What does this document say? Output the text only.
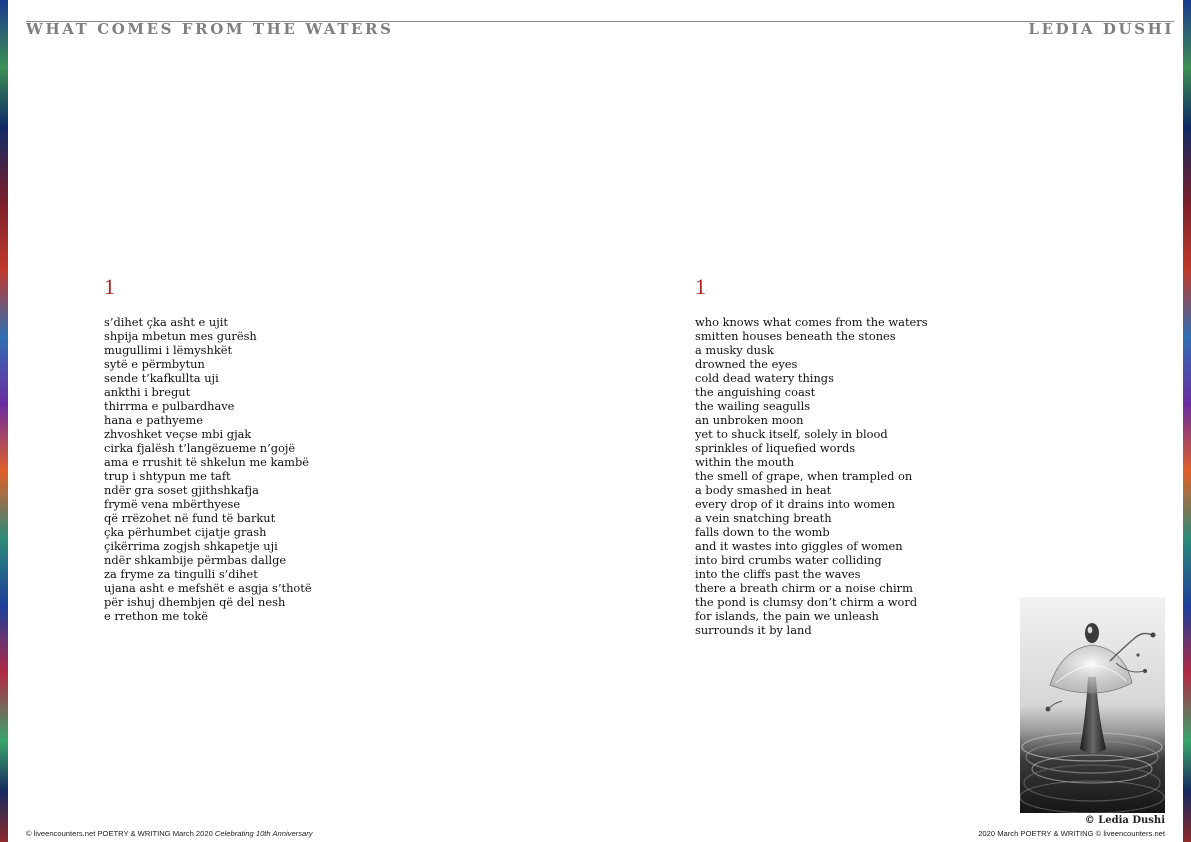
WHAT COMES FROM THE WATERS	LEDIA DUSHI
1
s’dihet çka asht e ujit
shpija mbetun mes gurësh
mugullimi i lëmyshkët
sytë e përmbytun
sende t’kafkullta uji
ankthi i bregut
thirrma e pulbardhave
hana e pathyeme
zhvoshket veçse mbi gjak
cirka fjalësh t’langëzueme n’gojë
ama e rrushit të shkelun me kambë
trup i shtypun me taft
ndër gra soset gjithshkafja
frymë vena mbërthyese
që rrëzohet në fund të barkut
çka përhumbet cijatje grash
çikërrima zogjsh shkapetje uji
ndër shkambije përmbas dallge
za fryme za tingulli s’dihet
ujana asht e mefshët e asgja s’thotë
për ishuj dhembjen që del nesh
e rrethon me tokë
1
who knows what comes from the waters
smitten houses beneath the stones
a musky dusk
drowned the eyes
cold dead watery things
the anguishing coast
the wailing seagulls
an unbroken moon
yet to shuck itself, solely in blood
sprinkles of liquefied words
within the mouth
the smell of grape, when trampled on
a body smashed in heat
every drop of it drains into women
a vein snatching breath
falls down to the womb
and it wastes into giggles of women
into bird crumbs water colliding
into the cliffs past the waves
there a breath chirm or a noise chirm
the pond is clumsy don’t chirm a word
for islands, the pain we unleash
surrounds it by land
© Ledia Dushi
© liveencounters.net POETRY & WRITING March 2020 Celebrating 10th Anniversary	2020 March POETRY & WRITING © liveencounters.net
